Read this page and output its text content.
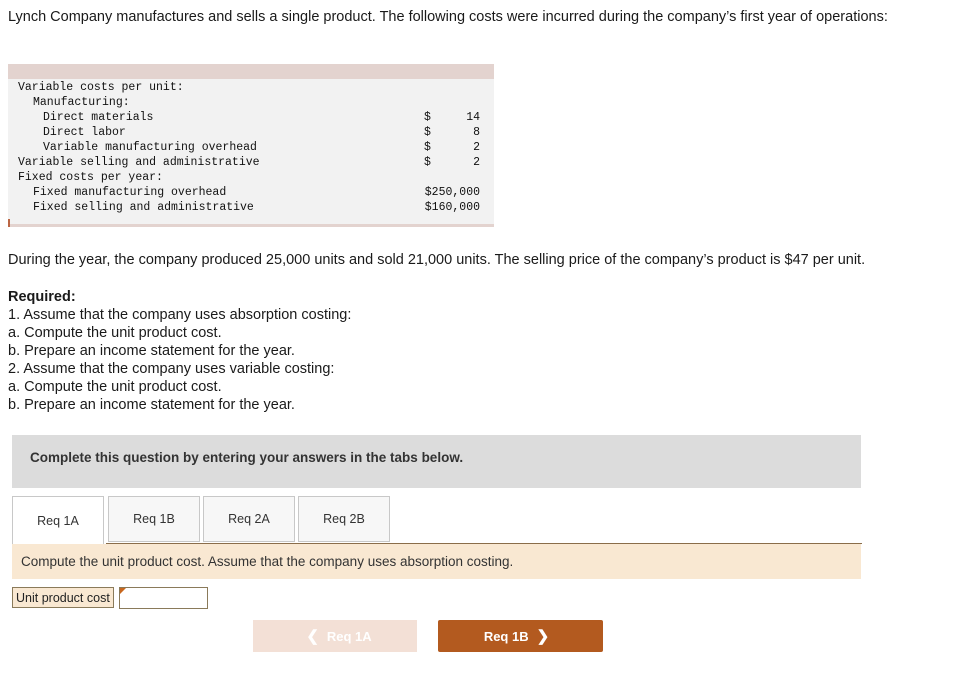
Lynch Company manufactures and sells a single product. The following costs were incurred during the company’s first year of operations:
Variable costs per unit:
Manufacturing:
Direct materials	$	14
Direct labor	$	8
Variable manufacturing overhead	$	2
Variable selling and administrative	$	2
Fixed costs per year:
Fixed manufacturing overhead	$250,000
Fixed selling and administrative	$160,000
During the year, the company produced 25,000 units and sold 21,000 units. The selling price of the company’s product is $47 per unit.
Required:
1. Assume that the company uses absorption costing:
a. Compute the unit product cost.
b. Prepare an income statement for the year.
2. Assume that the company uses variable costing:
a. Compute the unit product cost.
b. Prepare an income statement for the year.
Complete this question by entering your answers in the tabs below.
Req 1A	Req 1B	Req 2A	Req 2B
Compute the unit product cost. Assume that the company uses absorption costing.
Unit product cost
❮ Req 1A	Req 1B ❯
